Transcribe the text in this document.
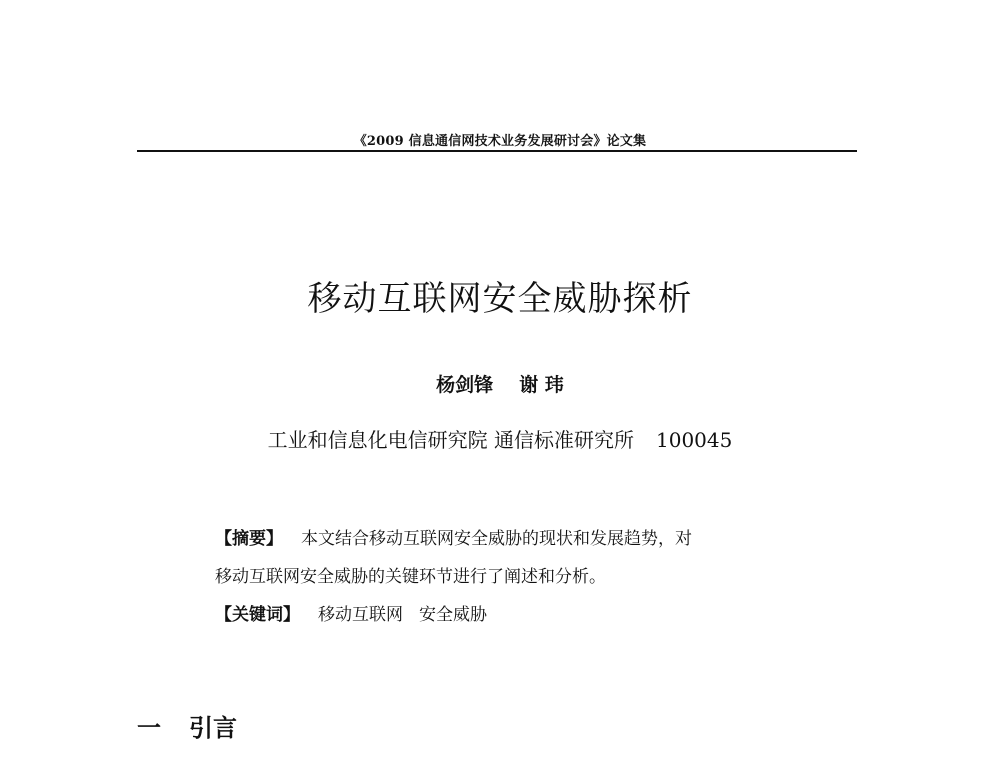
《2009 信息通信网技术业务发展研讨会》论文集
移动互联网安全威胁探析
杨剑锋 谢 玮
工业和信息化电信研究院 通信标准研究所 100045
【摘要】 本文结合移动互联网安全威胁的现状和发展趋势，对
移动互联网安全威胁的关键环节进行了阐述和分析。
【关键词】 移动互联网 安全威胁
一 引言
